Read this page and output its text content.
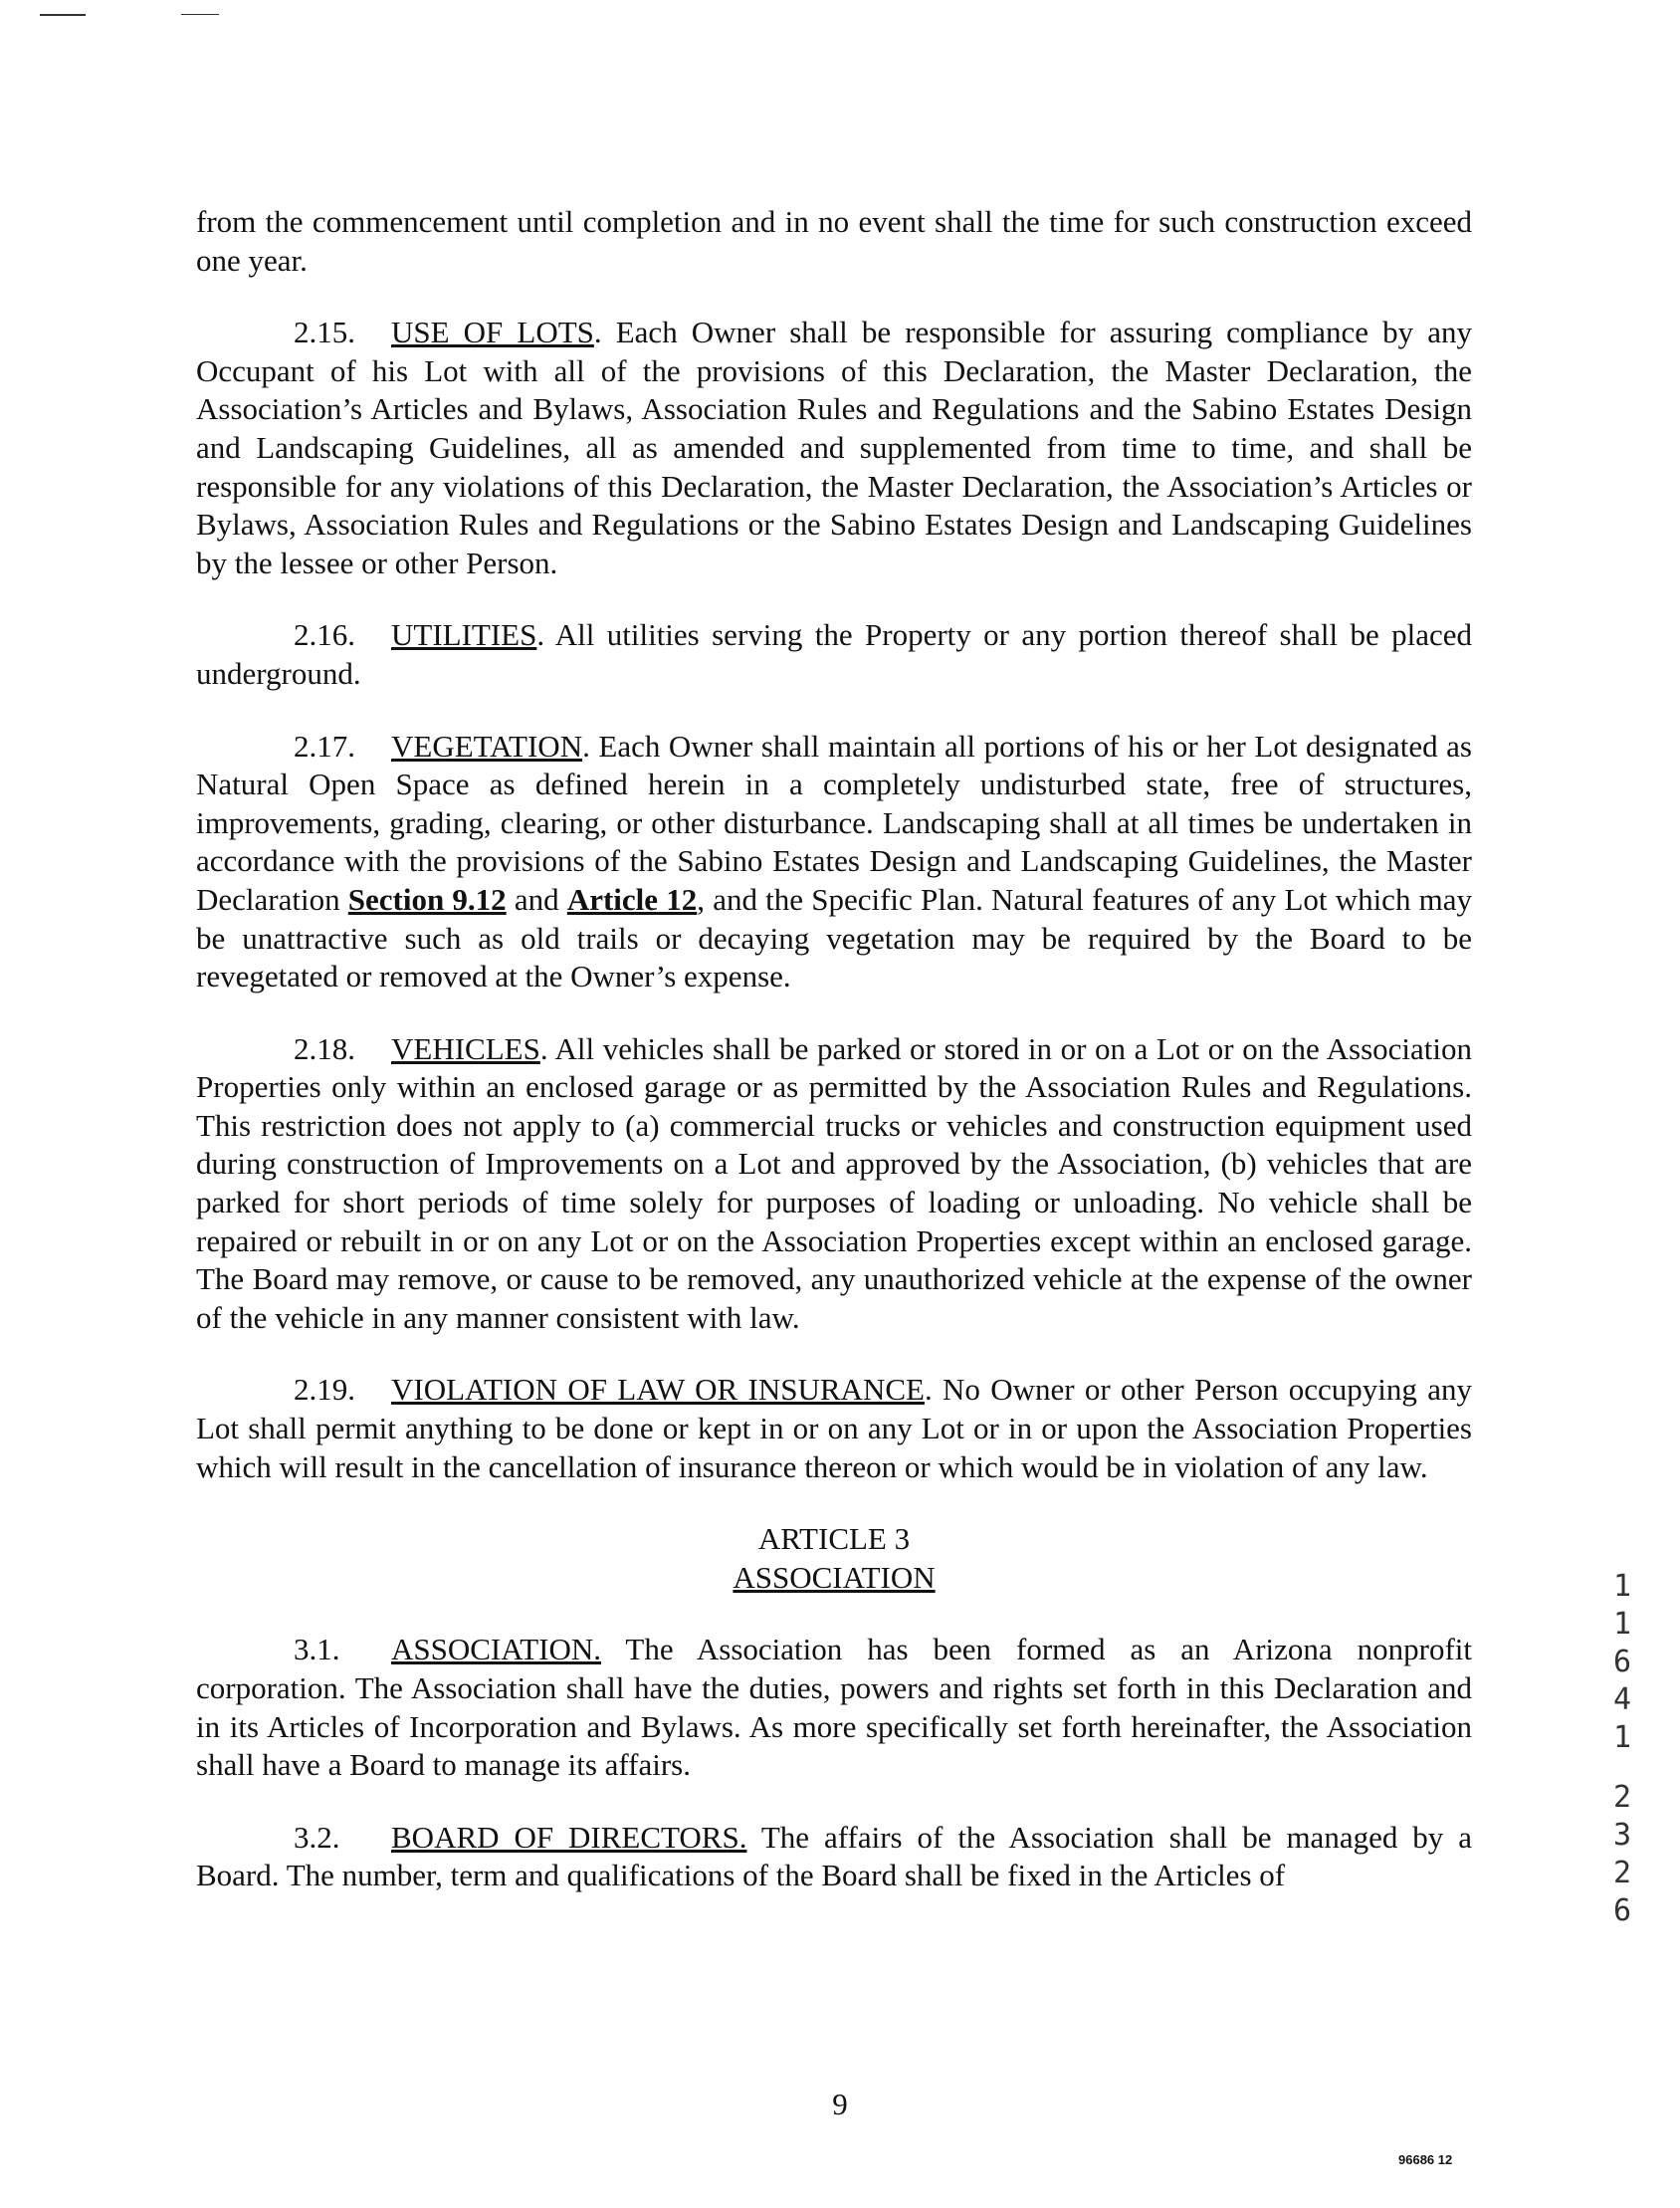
from the commencement until completion and in no event shall the time for such construction exceed one year.

2.15. USE OF LOTS. Each Owner shall be responsible for assuring compliance by any Occupant of his Lot with all of the provisions of this Declaration, the Master Declaration, the Association’s Articles and Bylaws, Association Rules and Regulations and the Sabino Estates Design and Landscaping Guidelines, all as amended and supplemented from time to time, and shall be responsible for any violations of this Declaration, the Master Declaration, the Association’s Articles or Bylaws, Association Rules and Regulations or the Sabino Estates Design and Landscaping Guidelines by the lessee or other Person.

2.16. UTILITIES. All utilities serving the Property or any portion thereof shall be placed underground.

2.17. VEGETATION. Each Owner shall maintain all portions of his or her Lot designated as Natural Open Space as defined herein in a completely undisturbed state, free of structures, improvements, grading, clearing, or other disturbance. Landscaping shall at all times be undertaken in accordance with the provisions of the Sabino Estates Design and Landscaping Guidelines, the Master Declaration Section 9.12 and Article 12, and the Specific Plan. Natural features of any Lot which may be unattractive such as old trails or decaying vegetation may be required by the Board to be revegetated or removed at the Owner’s expense.

2.18. VEHICLES. All vehicles shall be parked or stored in or on a Lot or on the Association Properties only within an enclosed garage or as permitted by the Association Rules and Regulations. This restriction does not apply to (a) commercial trucks or vehicles and construction equipment used during construction of Improvements on a Lot and approved by the Association, (b) vehicles that are parked for short periods of time solely for purposes of loading or unloading. No vehicle shall be repaired or rebuilt in or on any Lot or on the Association Properties except within an enclosed garage. The Board may remove, or cause to be removed, any unauthorized vehicle at the expense of the owner of the vehicle in any manner consistent with law.

2.19. VIOLATION OF LAW OR INSURANCE. No Owner or other Person occupying any Lot shall permit anything to be done or kept in or on any Lot or in or upon the Association Properties which will result in the cancellation of insurance thereon or which would be in violation of any law.

ARTICLE 3
ASSOCIATION

3.1. ASSOCIATION. The Association has been formed as an Arizona nonprofit corporation. The Association shall have the duties, powers and rights set forth in this Declaration and in its Articles of Incorporation and Bylaws. As more specifically set forth hereinafter, the Association shall have a Board to manage its affairs.

3.2. BOARD OF DIRECTORS. The affairs of the Association shall be managed by a Board. The number, term and qualifications of the Board shall be fixed in the Articles of

1
1
6
4
1
2
3
2
6
9
96686 12
